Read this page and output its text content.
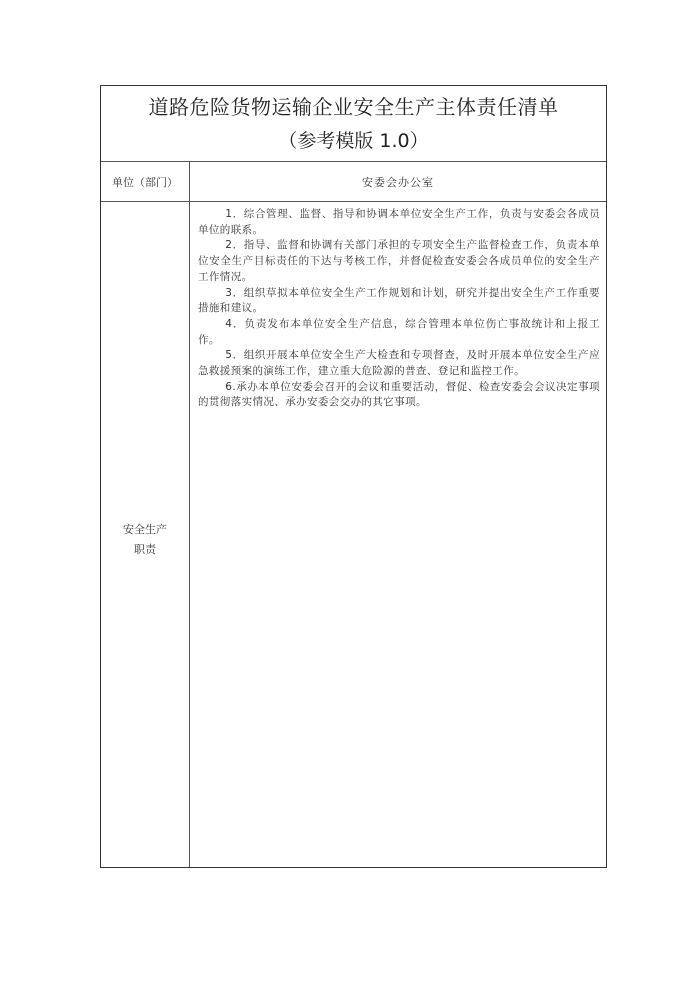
道路危险货物运输企业安全生产主体责任清单
（参考模版 1.0）
单位（部门）	安委会办公室
安全生产
职责

1．综合管理、监督、指导和协调本单位安全生产工作，负责与安委会各成员单位的联系。

2．指导、监督和协调有关部门承担的专项安全生产监督检查工作，负责本单位安全生产目标责任的下达与考核工作，并督促检查安委会各成员单位的安全生产工作情况。

3．组织草拟本单位安全生产工作规划和计划，研究并提出安全生产工作重要措施和建议。

4．负责发布本单位安全生产信息，综合管理本单位伤亡事故统计和上报工作。

5．组织开展本单位安全生产大检查和专项督查，及时开展本单位安全生产应急救援预案的演练工作，建立重大危险源的普查、登记和监控工作。

6.承办本单位安委会召开的会议和重要活动，督促、检查安委会会议决定事项的贯彻落实情况、承办安委会交办的其它事项。
